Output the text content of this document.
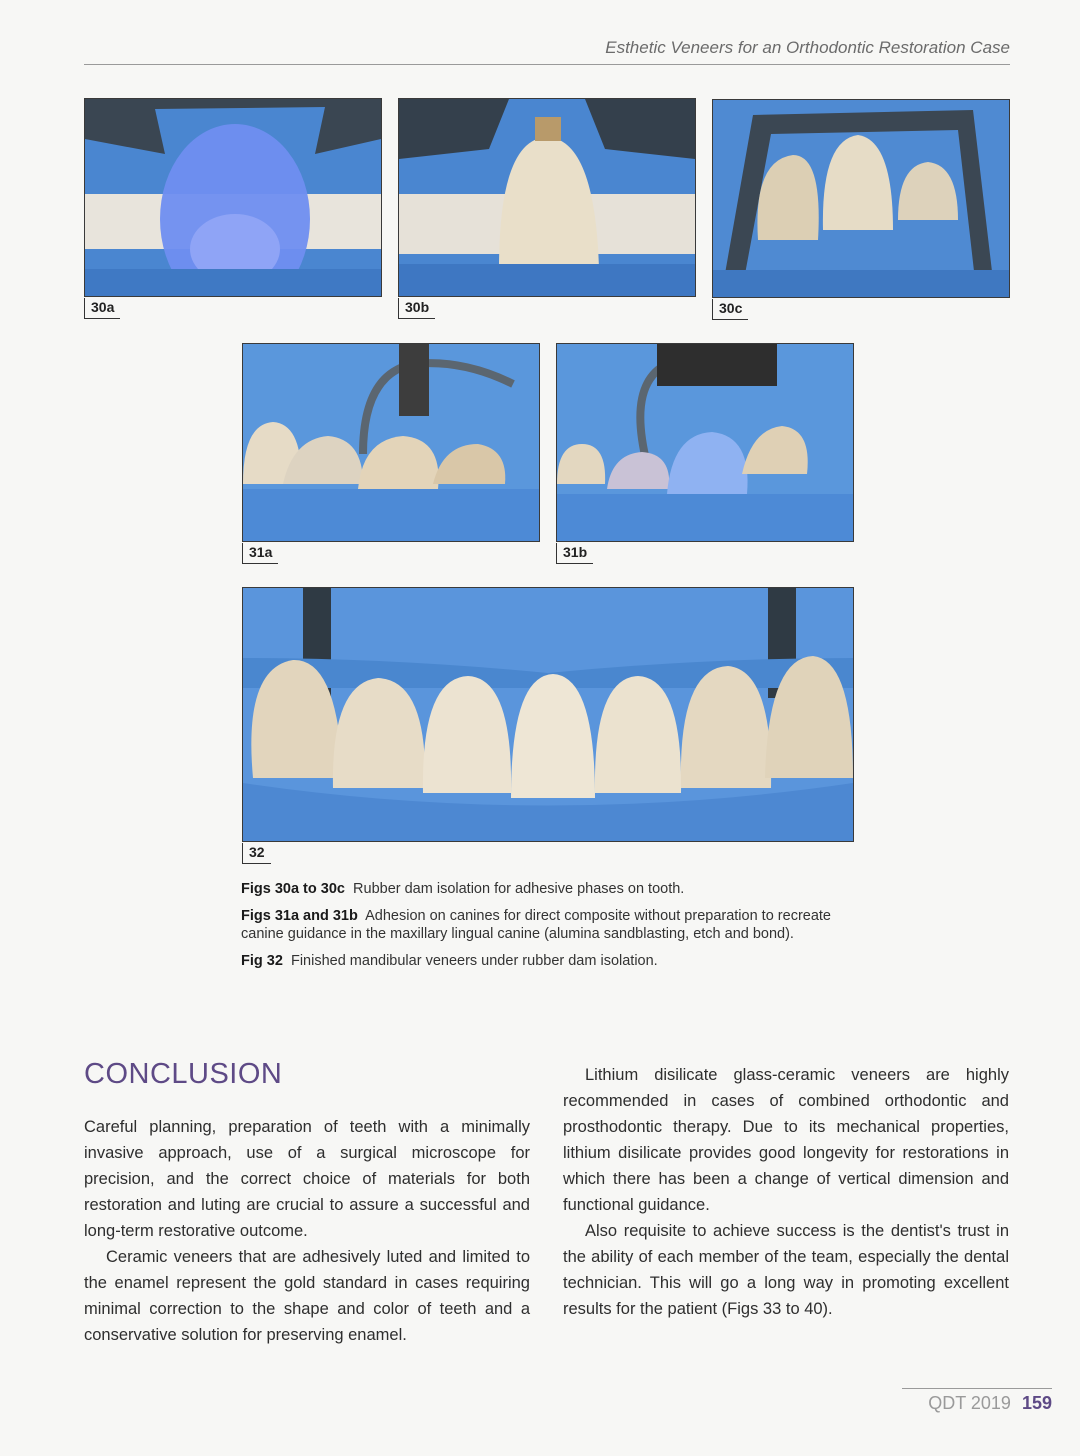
Esthetic Veneers for an Orthodontic Restoration Case
30a	30b	30c
31a	31b
32

Figs 30a to 30c Rubber dam isolation for adhesive phases on tooth.

Figs 31a and 31b Adhesion on canines for direct composite without preparation to recreate canine guidance in the maxillary lingual canine (alumina sandblasting, etch and bond).

Fig 32 Finished mandibular veneers under rubber dam isolation.

CONCLUSION

Careful planning, preparation of teeth with a minimally invasive approach, use of a surgical microscope for precision, and the correct choice of materials for both restoration and luting are crucial to assure a successful and long-term restorative outcome.

Ceramic veneers that are adhesively luted and limited to the enamel represent the gold standard in cases requiring minimal correction to the shape and color of teeth and a conservative solution for preserving enamel.

Lithium disilicate glass-ceramic veneers are highly recommended in cases of combined orthodontic and prosthodontic therapy. Due to its mechanical properties, lithium disilicate provides good longevity for restorations in which there has been a change of vertical dimension and functional guidance.

Also requisite to achieve success is the dentist's trust in the ability of each member of the team, especially the dental technician. This will go a long way in promoting excellent results for the patient (Figs 33 to 40).

QDT 2019 159
